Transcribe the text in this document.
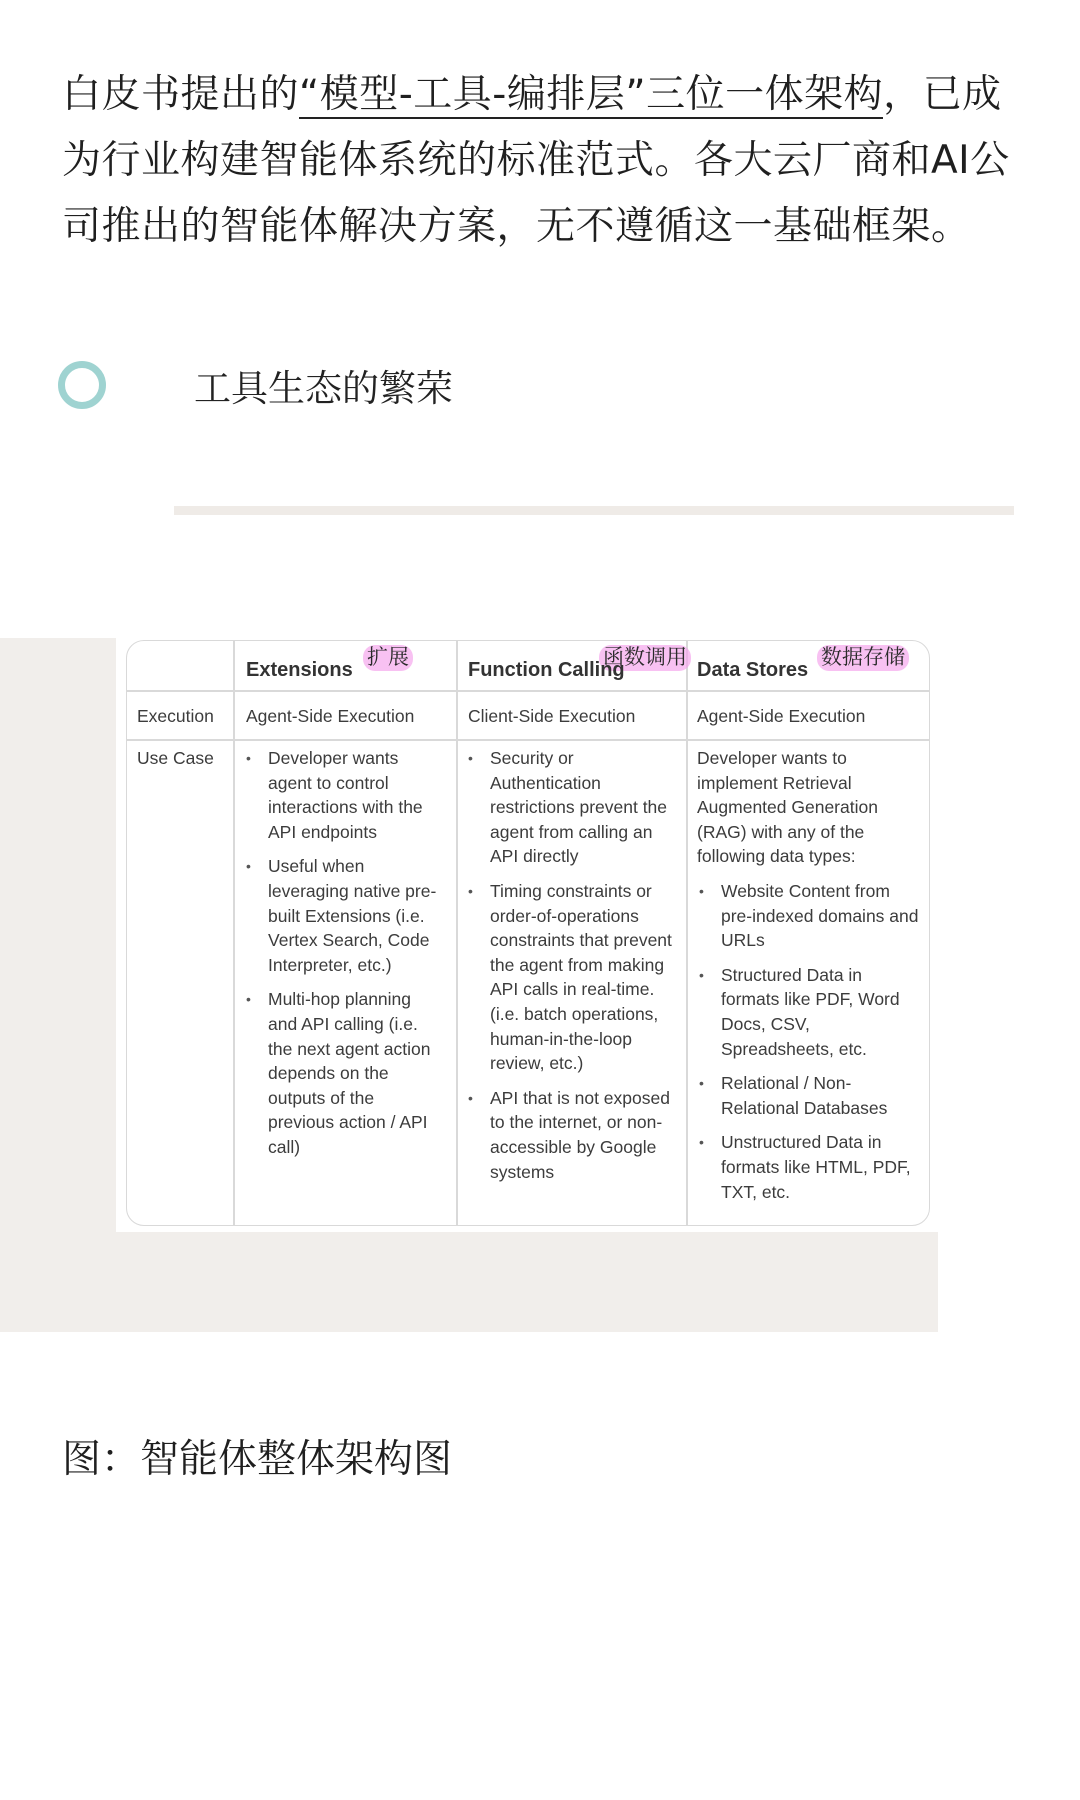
白皮书提出的“模型-工具-编排层”三位一体架构，已成为行业构建智能体系统的标准范式。各大云厂商和AI公司推出的智能体解决方案，无不遵循这一基础框架。

工具生态的繁荣
扩展	函数调用	数据存储
Extensions	Function Calling	Data Stores
Execution Agent-Side Execution	Client-Side Execution	Agent-Side Execution
Use Case
•	Developer wants agent to control interactions with the API endpoints
• Useful when leveraging native pre-built Extensions (i.e. Vertex Search, Code Interpreter, etc.)
• Multi-hop planning and API calling (i.e. the next agent action depends on the outputs of the previous action / API call)
• Security or Authentication restrictions prevent the agent from calling an API directly
• Timing constraints or order-of-operations constraints that prevent the agent from making API calls in real-time. (i.e. batch operations, human-in-the-loop review, etc.)
• API that is not exposed to the internet, or non-accessible by Google systems
Developer wants to implement Retrieval Augmented Generation (RAG) with any of the following data types:
• Website Content from pre-indexed domains and URLs
• Structured Data in formats like PDF, Word Docs, CSV, Spreadsheets, etc.
• Relational / Non-Relational Databases
• Unstructured Data in formats like HTML, PDF, TXT, etc.

图：智能体整体架构图
